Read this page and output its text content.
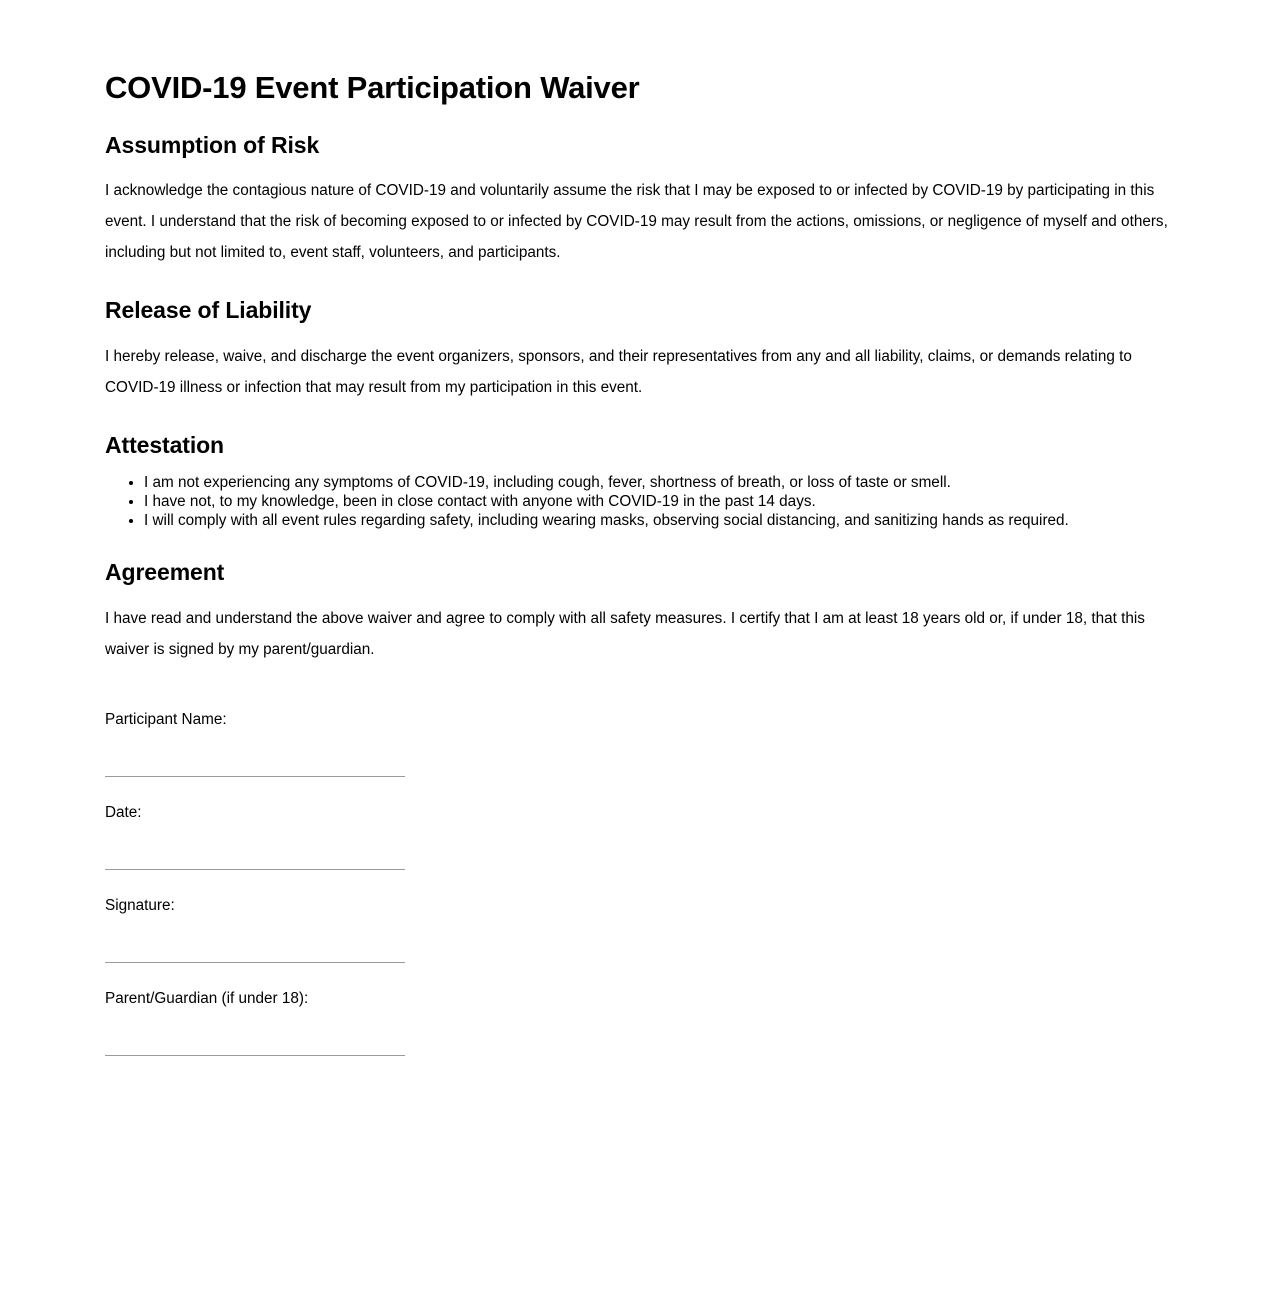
COVID-19 Event Participation Waiver
Assumption of Risk

I acknowledge the contagious nature of COVID-19 and voluntarily assume the risk that I may be exposed to or infected by COVID-19 by participating in this event. I understand that the risk of becoming exposed to or infected by COVID-19 may result from the actions, omissions, or negligence of myself and others, including but not limited to, event staff, volunteers, and participants.

Release of Liability

I hereby release, waive, and discharge the event organizers, sponsors, and their representatives from any and all liability, claims, or demands relating to COVID-19 illness or infection that may result from my participation in this event.

Attestation
• I am not experiencing any symptoms of COVID-19, including cough, fever, shortness of breath, or loss of taste or smell.
• I have not, to my knowledge, been in close contact with anyone with COVID-19 in the past 14 days.
• I will comply with all event rules regarding safety, including wearing masks, observing social distancing, and sanitizing hands as required.
Agreement

I have read and understand the above waiver and agree to comply with all safety measures. I certify that I am at least 18 years old or, if under 18, that this waiver is signed by my parent/guardian.

Participant Name:
Date:
Signature:
Parent/Guardian (if under 18):
